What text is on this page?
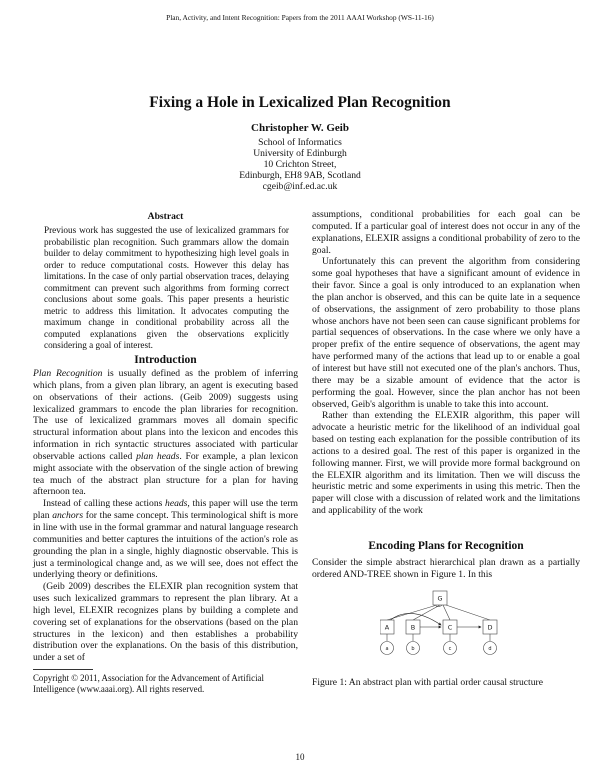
Plan, Activity, and Intent Recognition: Papers from the 2011 AAAI Workshop (WS-11-16)
Fixing a Hole in Lexicalized Plan Recognition
Christopher W. Geib
School of Informatics
University of Edinburgh
10 Crichton Street,
Edinburgh, EH8 9AB, Scotland
cgeib@inf.ed.ac.uk
Abstract
Previous work has suggested the use of lexicalized grammars for probabilistic plan recognition. Such grammars allow the domain builder to delay commitment to hypothesizing high level goals in order to reduce computational costs. However this delay has limitations. In the case of only partial observation traces, delaying commitment can prevent such algorithms from forming correct conclusions about some goals. This paper presents a heuristic metric to address this limitation. It advocates computing the maximum change in conditional probability across all the computed explanations given the observations explicitly considering a goal of interest.
Introduction

Plan Recognition is usually defined as the problem of inferring which plans, from a given plan library, an agent is executing based on observations of their actions. (Geib 2009) suggests using lexicalized grammars to encode the plan libraries for recognition. The use of lexicalized grammars moves all domain specific structural information about plans into the lexicon and encodes this information in rich syntactic structures associated with particular observable actions called plan heads. For example, a plan lexicon might associate with the observation of the single action of brewing tea much of the abstract plan structure for a plan for having afternoon tea.

Instead of calling these actions heads, this paper will use the term plan anchors for the same concept. This terminological shift is more in line with use in the formal grammar and natural language research communities and better captures the intuitions of the action's role as grounding the plan in a single, highly diagnostic observable. This is just a terminological change and, as we will see, does not effect the underlying theory or definitions.

(Geib 2009) describes the ELEXIR plan recognition system that uses such lexicalized grammars to represent the plan library. At a high level, ELEXIR recognizes plans by building a complete and covering set of explanations for the observations (based on the plan structures in the lexicon) and then establishes a probability distribution over the explanations. On the basis of this distribution, under a set of

Copyright © 2011, Association for the Advancement of Artificial Intelligence (www.aaai.org). All rights reserved.

assumptions, conditional probabilities for each goal can be computed. If a particular goal of interest does not occur in any of the explanations, ELEXIR assigns a conditional probability of zero to the goal.

Unfortunately this can prevent the algorithm from considering some goal hypotheses that have a significant amount of evidence in their favor. Since a goal is only introduced to an explanation when the plan anchor is observed, and this can be quite late in a sequence of observations, the assignment of zero probability to those plans whose anchors have not been seen can cause significant problems for partial sequences of observations. In the case where we only have a proper prefix of the entire sequence of observations, the agent may have performed many of the actions that lead up to or enable a goal of interest but have still not executed one of the plan's anchors. Thus, there may be a sizable amount of evidence that the actor is performing the goal. However, since the plan anchor has not been observed, Geib's algorithm is unable to take this into account.

Rather than extending the ELEXIR algorithm, this paper will advocate a heuristic metric for the likelihood of an individual goal based on testing each explanation for the possible contribution of its actions to a desired goal. The rest of this paper is organized in the following manner. First, we will provide more formal background on the ELEXIR algorithm and its limitation. Then we will discuss the heuristic metric and some experiments in using this metric. Then the paper will close with a discussion of related work and the limitations and applicability of the work

Encoding Plans for Recognition

Consider the simple abstract hierarchical plan drawn as a partially ordered AND-TREE shown in Figure 1. In this

G
A	B	C	D
a	b	c	d
Figure 1: An abstract plan with partial order causal structure
10
